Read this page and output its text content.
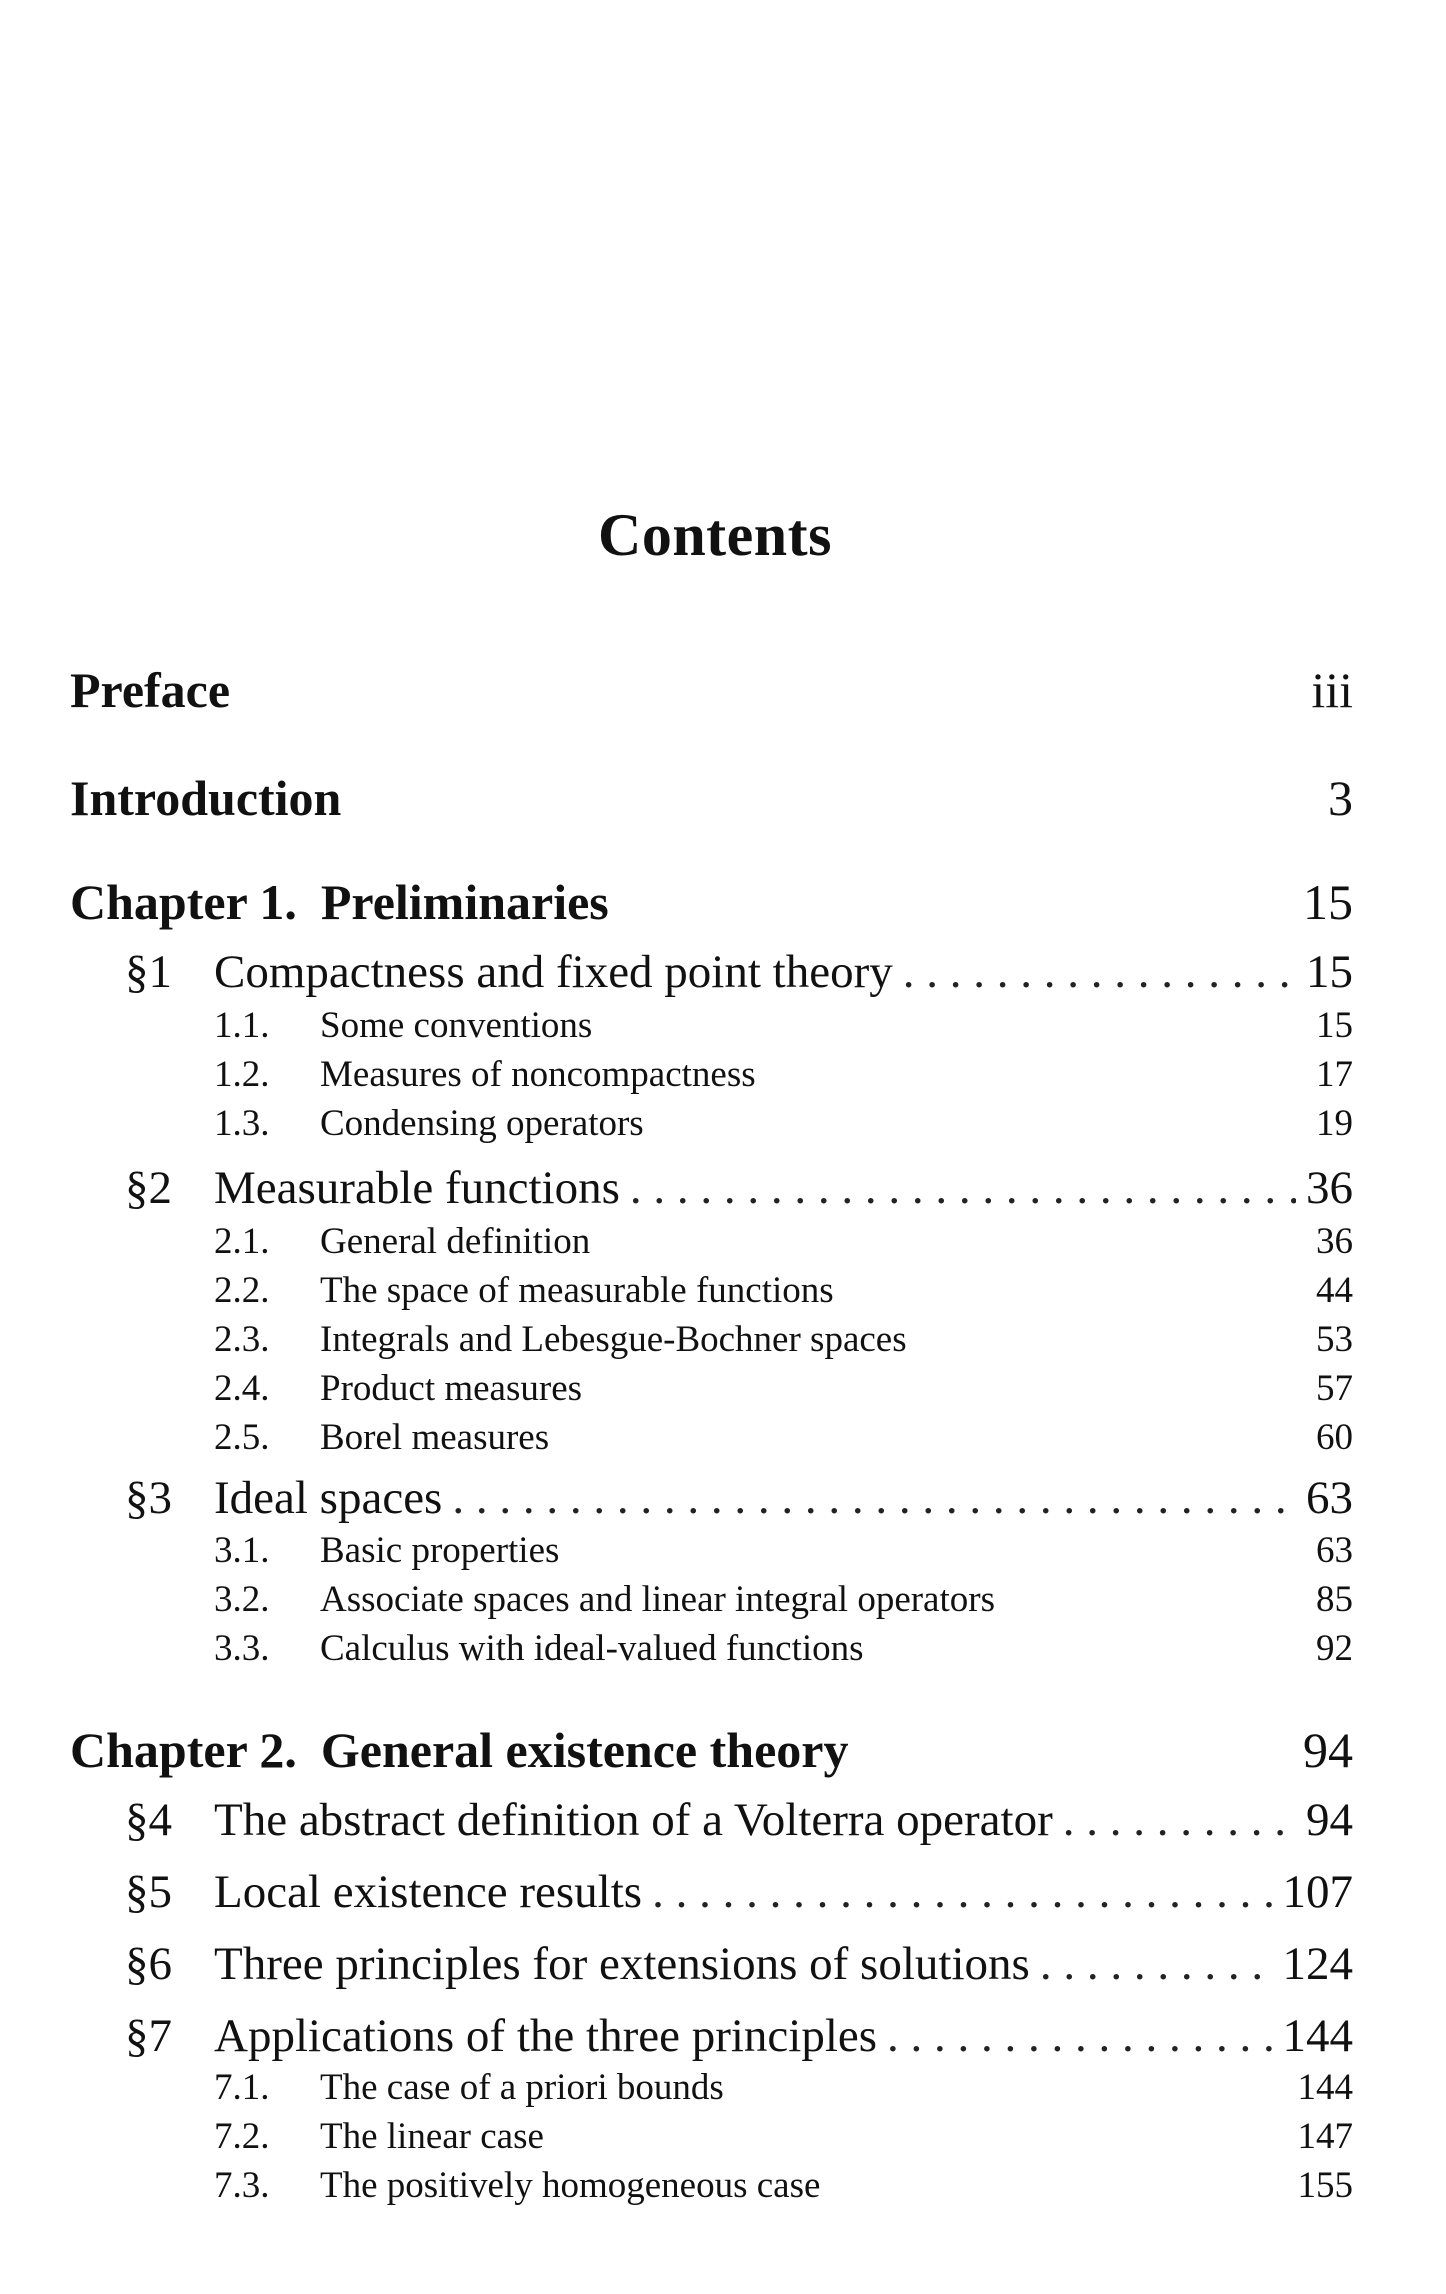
Contents
Preface	iii
Introduction	3
Chapter 1. Preliminaries	15
§1 Compactness and fixed point theory . . .	15
1.1. Some conventions	15
1.2. Measures of noncompactness	17
1.3. Condensing operators	19
§2 Measurable functions . . .	36
2.1. General definition	36
2.2. The space of measurable functions	44
2.3. Integrals and Lebesgue-Bochner spaces	53
2.4. Product measures	57
2.5. Borel measures	60
§3 Ideal spaces . . .	63
3.1. Basic properties	63
3.2. Associate spaces and linear integral operators	85
3.3. Calculus with ideal-valued functions	92
Chapter 2. General existence theory	94
§4 The abstract definition of a Volterra operator . . .	94
§5 Local existence results . . .	107
§6 Three principles for extensions of solutions . . .	124
§7 Applications of the three principles . . .	144
7.1. The case of a priori bounds	144
7.2. The linear case	147
7.3. The positively homogeneous case	155
